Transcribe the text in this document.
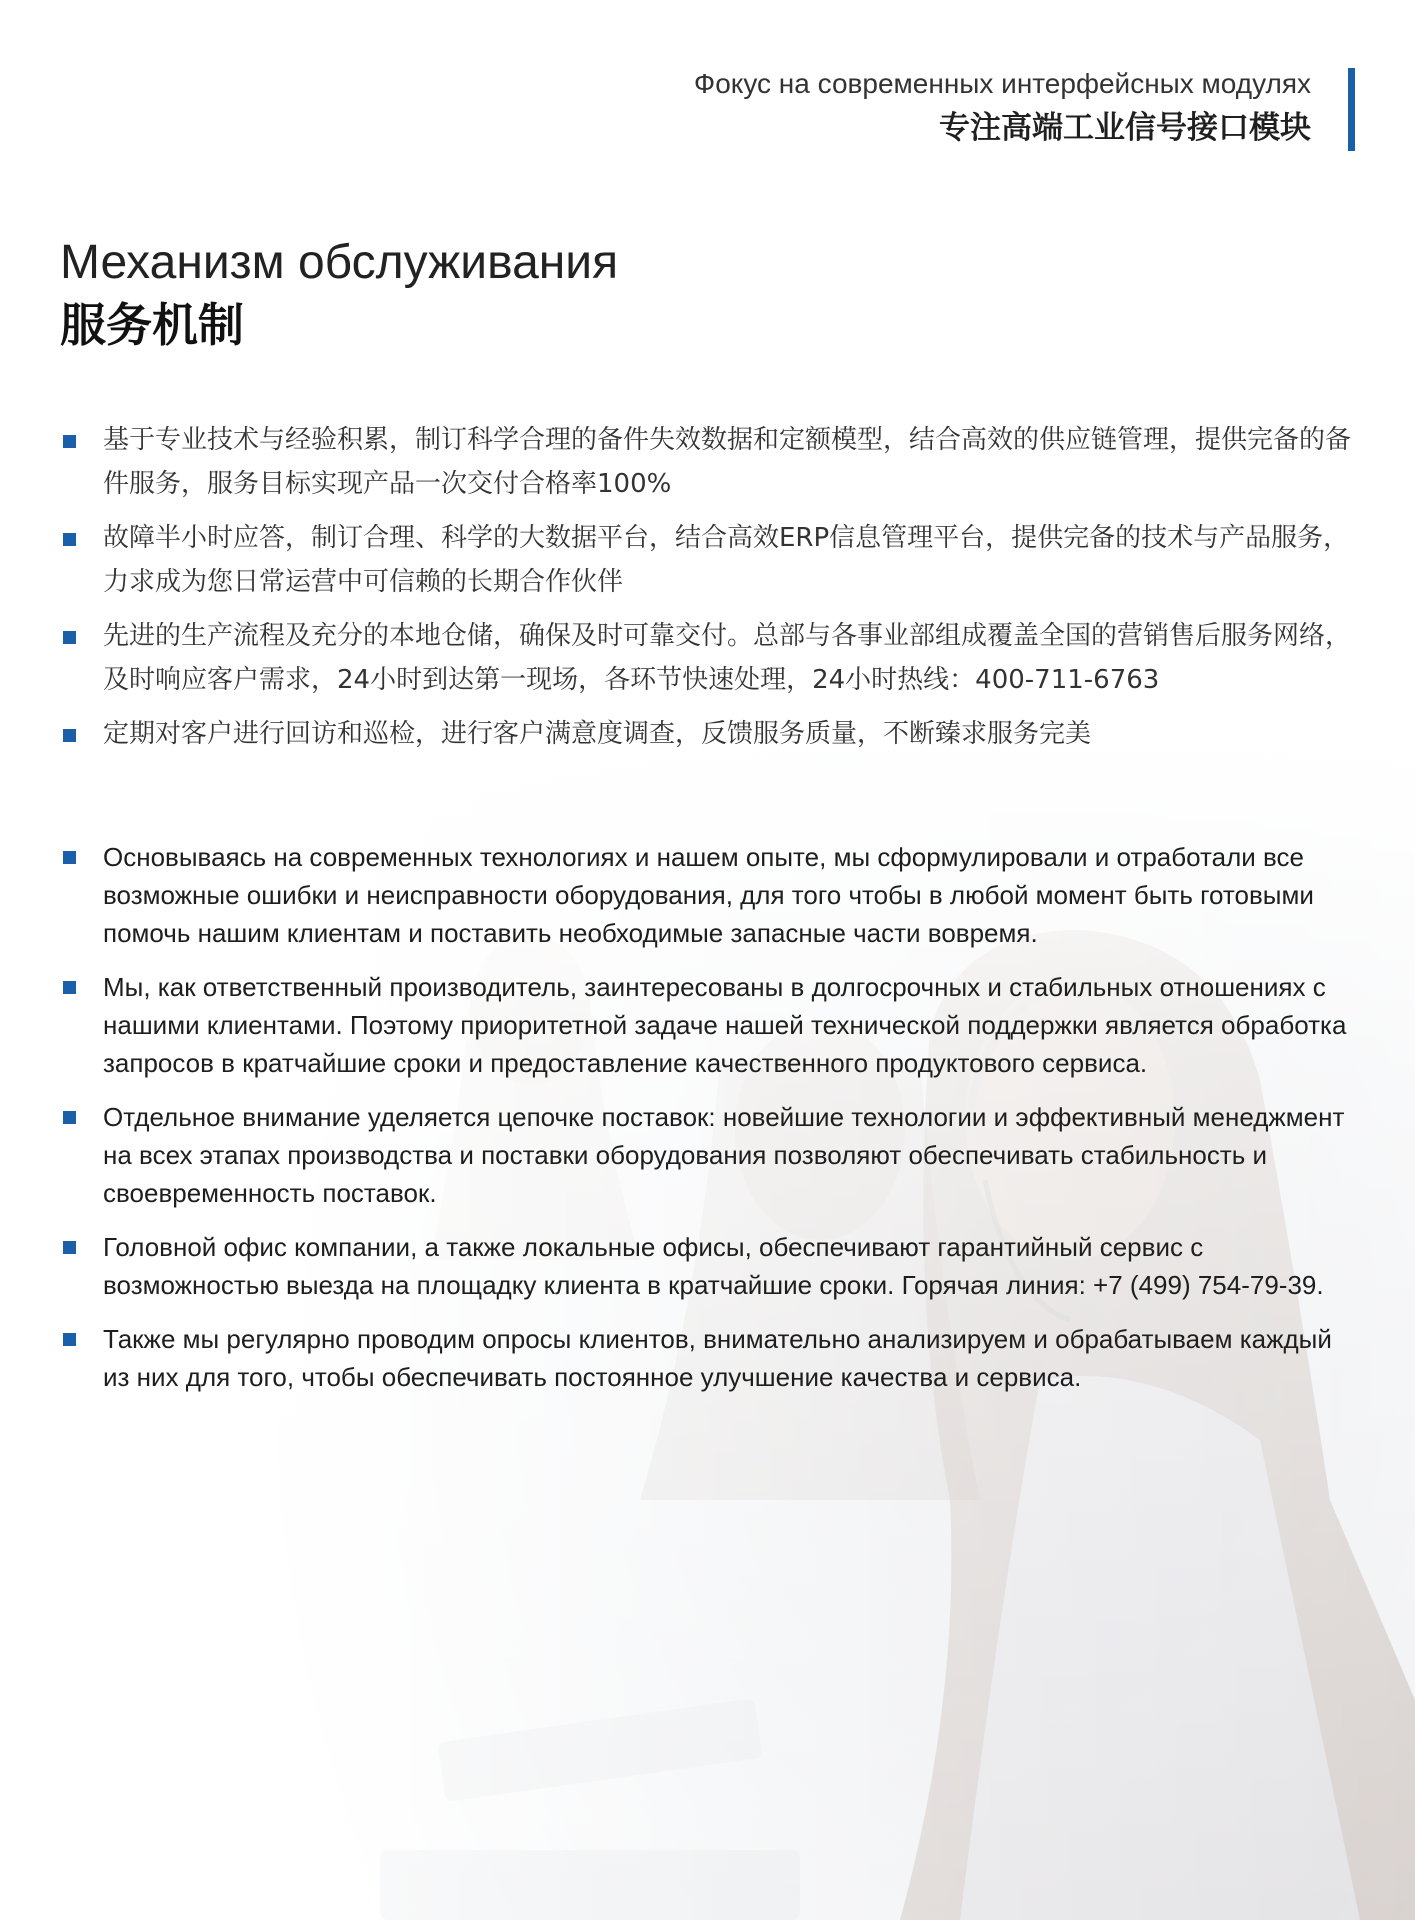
Фокус на современных интерфейсных модулях
专注高端工业信号接口模块
Механизм обслуживания
服务机制
基于专业技术与经验积累，制订科学合理的备件失效数据和定额模型，结合高效的供应链管理，提供完备的备件服务，服务目标实现产品一次交付合格率100%
故障半小时应答，制订合理、科学的大数据平台，结合高效ERP信息管理平台，提供完备的技术与产品服务，力求成为您日常运营中可信赖的长期合作伙伴
先进的生产流程及充分的本地仓储，确保及时可靠交付。总部与各事业部组成覆盖全国的营销售后服务网络，及时响应客户需求，24小时到达第一现场，各环节快速处理，24小时热线：400-711-6763
定期对客户进行回访和巡检，进行客户满意度调查，反馈服务质量，不断臻求服务完美
Основываясь на современных технологиях и нашем опыте, мы сформулировали и отработали все возможные ошибки и неисправности оборудования, для того чтобы в любой момент быть готовыми помочь нашим клиентам и поставить необходимые запасные части вовремя.
Мы, как ответственный производитель, заинтересованы в долгосрочных и стабильных отношениях с нашими клиентами. Поэтому приоритетной задаче нашей технической поддержки является обработка запросов в кратчайшие сроки и предоставление качественного продуктового сервиса.
Отдельное внимание уделяется цепочке поставок: новейшие технологии и эффективный менеджмент на всех этапах производства и поставки оборудования позволяют обеспечивать стабильность и своевременность поставок.
Головной офис компании, а также локальные офисы, обеспечивают гарантийный сервис с возможностью выезда на площадку клиента в кратчайшие сроки. Горячая линия: +7 (499) 754-79-39.
Также мы регулярно проводим опросы клиентов, внимательно анализируем и обрабатываем каждый из них для того, чтобы обеспечивать постоянное улучшение качества и сервиса.
